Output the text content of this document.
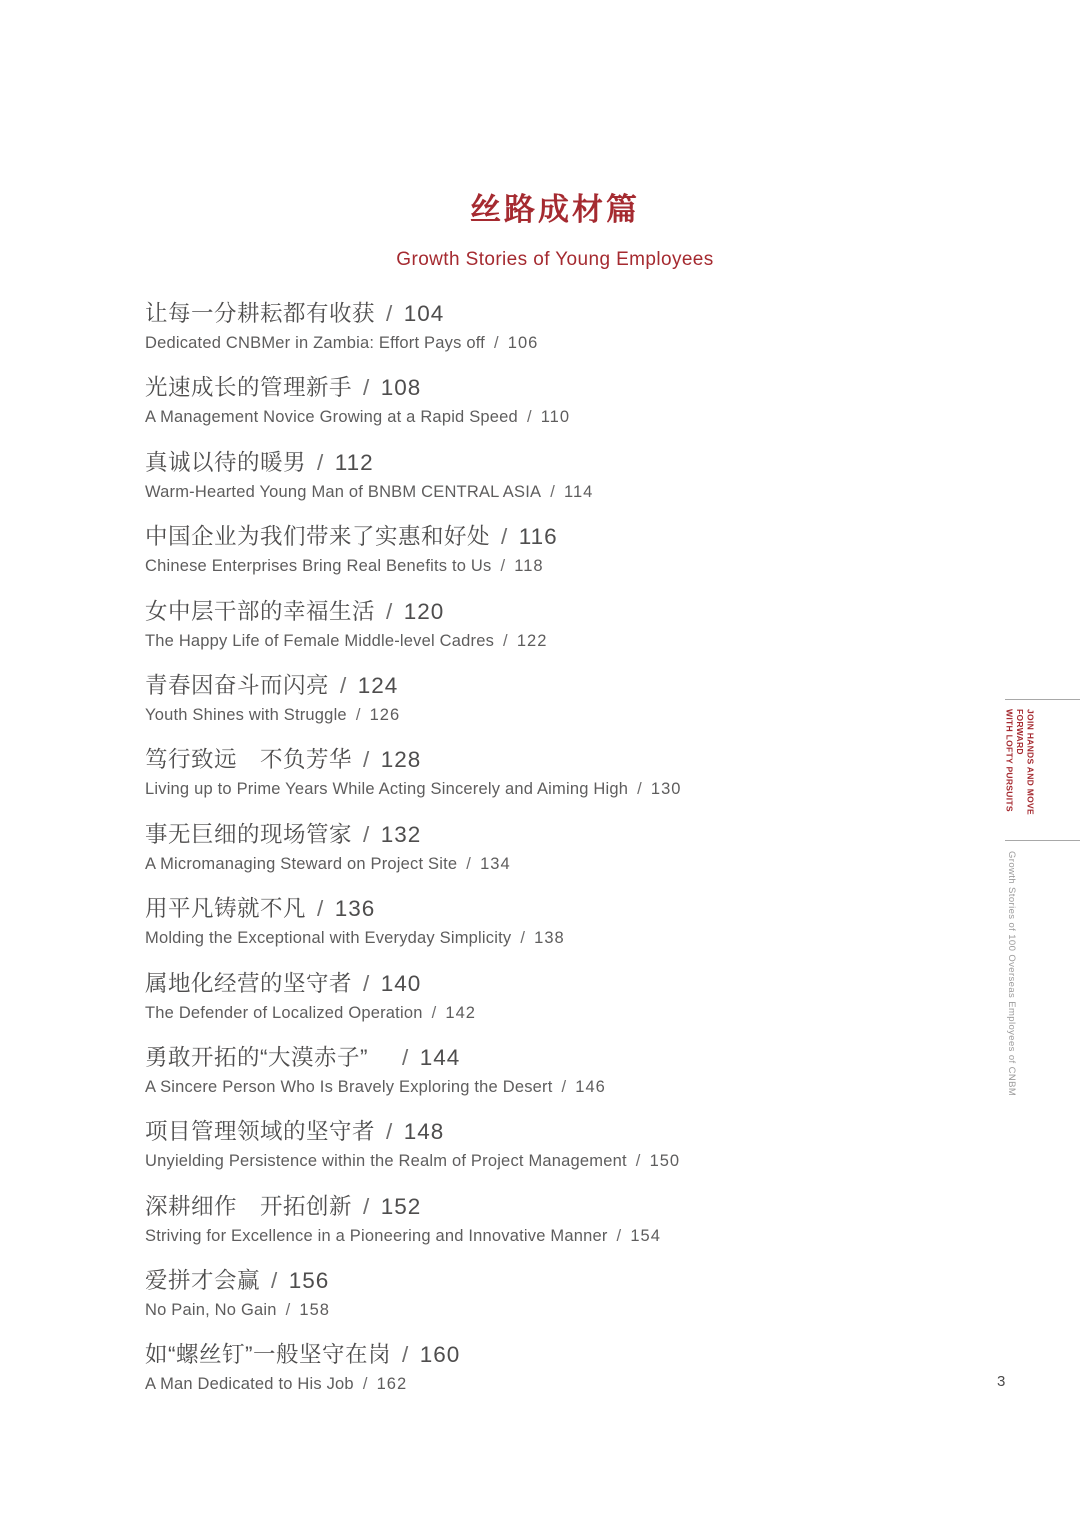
丝路成材篇
Growth Stories of Young Employees
让每一分耕耘都有收获 / 104
Dedicated CNBMer in Zambia: Effort Pays off / 106
光速成长的管理新手 / 108
A Management Novice Growing at a Rapid Speed / 110
真诚以待的暖男 / 112
Warm-Hearted Young Man of BNBM CENTRAL ASIA / 114
中国企业为我们带来了实惠和好处 / 116
Chinese Enterprises Bring Real Benefits to Us / 118
女中层干部的幸福生活 / 120
The Happy Life of Female Middle-level Cadres / 122
青春因奋斗而闪亮 / 124
Youth Shines with Struggle / 126
笃行致远　不负芳华 / 128
Living up to Prime Years While Acting Sincerely and Aiming High / 130
事无巨细的现场管家 / 132
A Micromanaging Steward on Project Site / 134
用平凡铸就不凡 / 136
Molding the Exceptional with Everyday Simplicity / 138
属地化经营的坚守者 / 140
The Defender of Localized Operation / 142
勇敢开拓的“大漠赤子”　/ 144
A Sincere Person Who Is Bravely Exploring the Desert / 146
项目管理领域的坚守者 / 148
Unyielding Persistence within the Realm of Project Management / 150
深耕细作　开拓创新 / 152
Striving for Excellence in a Pioneering and Innovative Manner / 154
爱拼才会赢 / 156
No Pain, No Gain / 158
如“螺丝钉”一般坚守在岗 / 160
A Man Dedicated to His Job / 162
JOIN HANDS AND MOVE FORWARD
WITH LOFTY PURSUITS
Growth Stories of 100 Overseas Employees of CNBM
3
